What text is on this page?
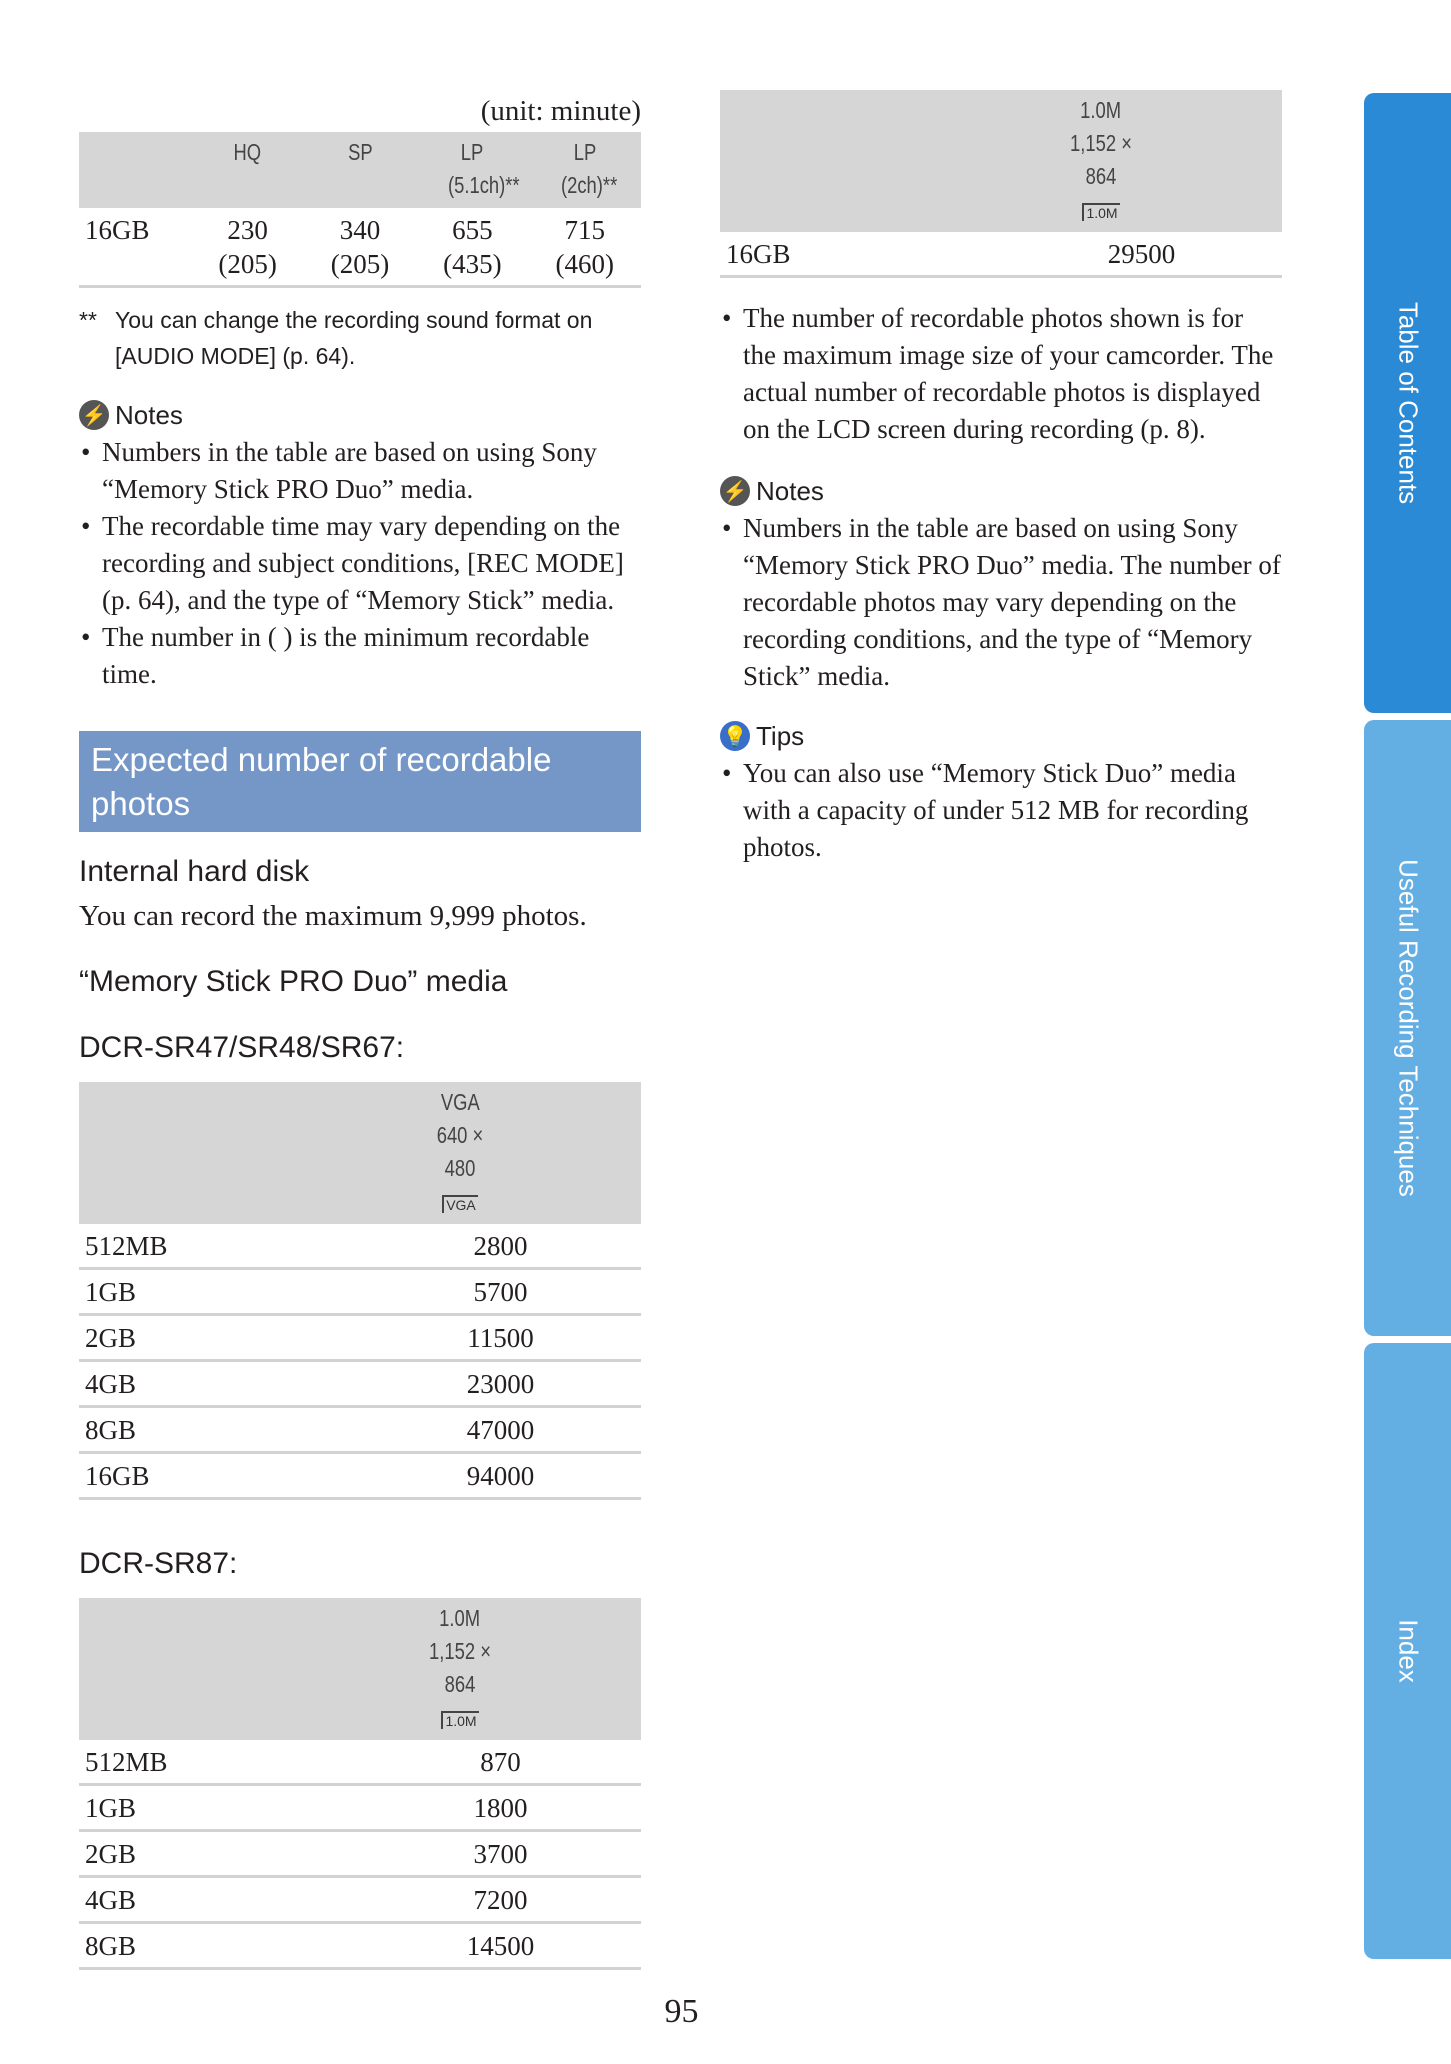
(unit: minute)
	HQ	SP	LP (5.1ch)**	LP (2ch)**
16GB	230 (205)	340 (205)	655 (435)	715 (460)
** You can change the recording sound format on [AUDIO MODE] (p. 64).
⚡ Notes
• Numbers in the table are based on using Sony “Memory Stick PRO Duo” media.
• The recordable time may vary depending on the recording and subject conditions, [REC MODE] (p. 64), and the type of “Memory Stick” media.
• The number in ( ) is the minimum recordable time.
Expected number of recordable photos
Internal hard disk
You can record the maximum 9,999 photos.
“Memory Stick PRO Duo” media
DCR-SR47/SR48/SR67:

	VGA
640 × 480
VGA

512MB	2800
1GB	5700
2GB	11500
4GB	23000
8GB	47000
16GB	94000
DCR-SR87:

	1.0M
1,152 × 864
1.0M

512MB	870
1GB	1800
2GB	3700
4GB	7200
8GB	14500

	1.0M
1,152 × 864
1.0M

16GB	29500
• The number of recordable photos shown is for the maximum image size of your camcorder. The actual number of recordable photos is displayed on the LCD screen during recording (p. 8).
⚡ Notes
• Numbers in the table are based on using Sony “Memory Stick PRO Duo” media. The number of recordable photos may vary depending on the recording conditions, and the type of “Memory Stick” media.
💡 Tips
• You can also use “Memory Stick Duo” media with a capacity of under 512 MB for recording photos.
Table of Contents
Useful Recording Techniques
Index
95
